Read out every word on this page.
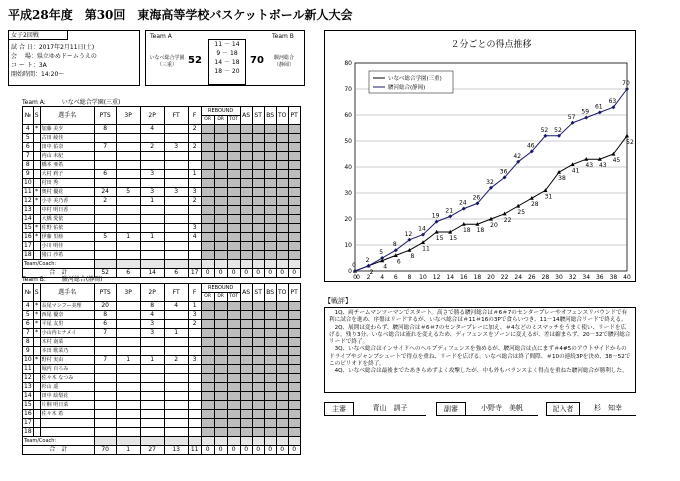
平成28年度　第30回　東海高等学校バスケットボール新人大会
女子2回戦
試 合 日：2017年2月11日(土)
会　 場：県立ゆめドームうえの
コ ー ト：3A
開始時間：14:20～
Team A	Team B
いなべ総合学園
（三重）	52
11 － 14
9 － 18
14 － 18
18 － 20
70	駿河総合
（静岡）
Team A:	いなべ総合学園(三重)
№	S	選手名	PTS	3P	2P	FT	F	REBOUND			AS	ST	BS	TO	PT
								OR	DR	TOT					
4	*	加藤 美夕	8		4		2								
5		古田 綾佳													
6		田中 佑奈	7		2	3	2								
7		内山 未紀													
8		橋本 亜希													
9		大村 莉子	6		3		1								
10		村田 秀													
11	*	奥村 優花	24	5	3	3	3								
12	*	小寺 美乃香	2		1		2								
13		中村 明日香													
14		大橋 愛依													
15	*	佐野 佑依					3								
16	*	伊藤 里紗	5	1	1		4								
17		小川 明佳													
18		猪口 沙希													
Team/Coach:															
合　計			52	6	14	6	17	0	0	0	0	0	0	0	0
Team B:	駿河総合(静岡)
№	S	選手名	PTS	3P	2P	FT	F	REBOUND			AS	ST	BS	TO	PT
								OR	DR	TOT					
4	*	長尾マンフー美理	20		8	4	1								
5	*	西尾 優奈	8		4		3								
6	*	平尾 友里	6		3		2								
7	*	小山内ヒナメイ	7		3	1									
8		木村 南菜													
9		本田 歌菜乃													
10	*	野村 実由	7	1	1	2	3								
11		堀内 百ろみ													
12		佐々木 なつみ													
13		杉山 遥													
14		田中 絵梨花													
15		片桐 明日菜													
16		佐々木 希													
17															
18															
Team/Coach:															
合　計			70	1	27	13	11	0	0	0	0	0	0	0	0
２分ごとの得点推移
0
10
20
30
40
50
60
70
80
0 2 4 6 8 10 12 14 16 18 20 22 24 26 28 30 32 34 36 38 40
0
2
4
6
8
11
15 15
18 18
20
22
25
28
31
38
41
43 43
45
52
0
2
5
8
12
14
19
21
24
26
32
36
42
46
52 52
57
59
61
63
70
いなべ総合学園(三重)
駿河総合(静岡)
【戦評】
　1Q、両チームマンツーマンでスタート。高さで勝る駿河総合は＃6＃7のセンタープレーやオフェンスリバウンドで有利に試合を進め、序盤はリードするが、いなべ総合は＃11＃16の3Pで食らいつき、11－14駿河総合リードで終える。
　2Q、展開は変わらず、駿河総合は＃6＃7のセンタープレーに加え、＃4などのミスマッチをうまく使い、リードを広げる。残り3分、いなべ総合は流れを変えるため、ディフェンスをゾーンに変えるが、差は縮まらず、20－32で駿河総合リードで終了。
　3Q、いなべ総合はインサイドへのヘルプディフェンスを強めるが、駿河総合は点にまず＃4#5のアウトサイドからのドライブやジャンプシュートで得点を重ね、リードを広げる。いなべ総合は終了間際、＃10の連続3Pを決め、38－52でこのピリオドを終了。
　4Q、いなべ総合は最後までたあきらめずよく攻撃したが、中も外もバランスよく得点を重ねた駿河総合が勝利した。
主審	青山　訓子	副審	小野寺　美帆	記入者	杉　知幸
